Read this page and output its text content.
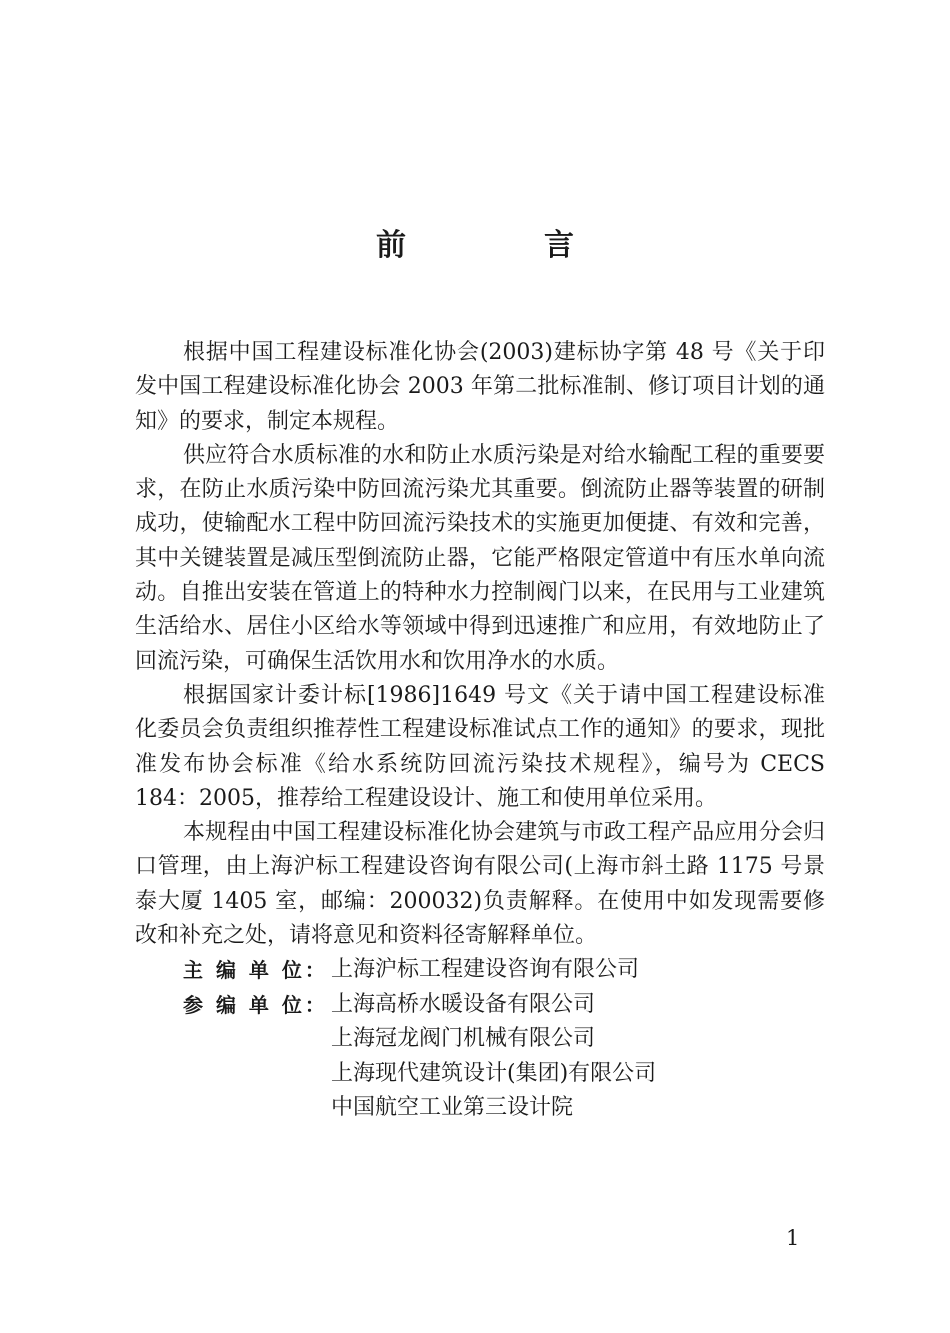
前　言

根据中国工程建设标准化协会(2003)建标协字第 48 号《关于印发中国工程建设标准化协会 2003 年第二批标准制、修订项目计划的通知》的要求，制定本规程。

供应符合水质标准的水和防止水质污染是对给水输配工程的重要要求，在防止水质污染中防回流污染尤其重要。倒流防止器等装置的研制成功，使输配水工程中防回流污染技术的实施更加便捷、有效和完善，其中关键装置是减压型倒流防止器，它能严格限定管道中有压水单向流动。自推出安装在管道上的特种水力控制阀门以来，在民用与工业建筑生活给水、居住小区给水等领域中得到迅速推广和应用，有效地防止了回流污染，可确保生活饮用水和饮用净水的水质。

根据国家计委计标[1986]1649 号文《关于请中国工程建设标准化委员会负责组织推荐性工程建设标准试点工作的通知》的要求，现批准发布协会标准《给水系统防回流污染技术规程》，编号为 CECS 184：2005，推荐给工程建设设计、施工和使用单位采用。

本规程由中国工程建设标准化协会建筑与市政工程产品应用分会归口管理，由上海沪标工程建设咨询有限公司(上海市斜土路 1175 号景泰大厦 1405 室，邮编：200032)负责解释。在使用中如发现需要修改和补充之处，请将意见和资料径寄解释单位。

主 编 单 位： 上海沪标工程建设咨询有限公司
参 编 单 位： 上海高桥水暖设备有限公司
上海冠龙阀门机械有限公司
上海现代建筑设计(集团)有限公司
中国航空工业第三设计院
1
